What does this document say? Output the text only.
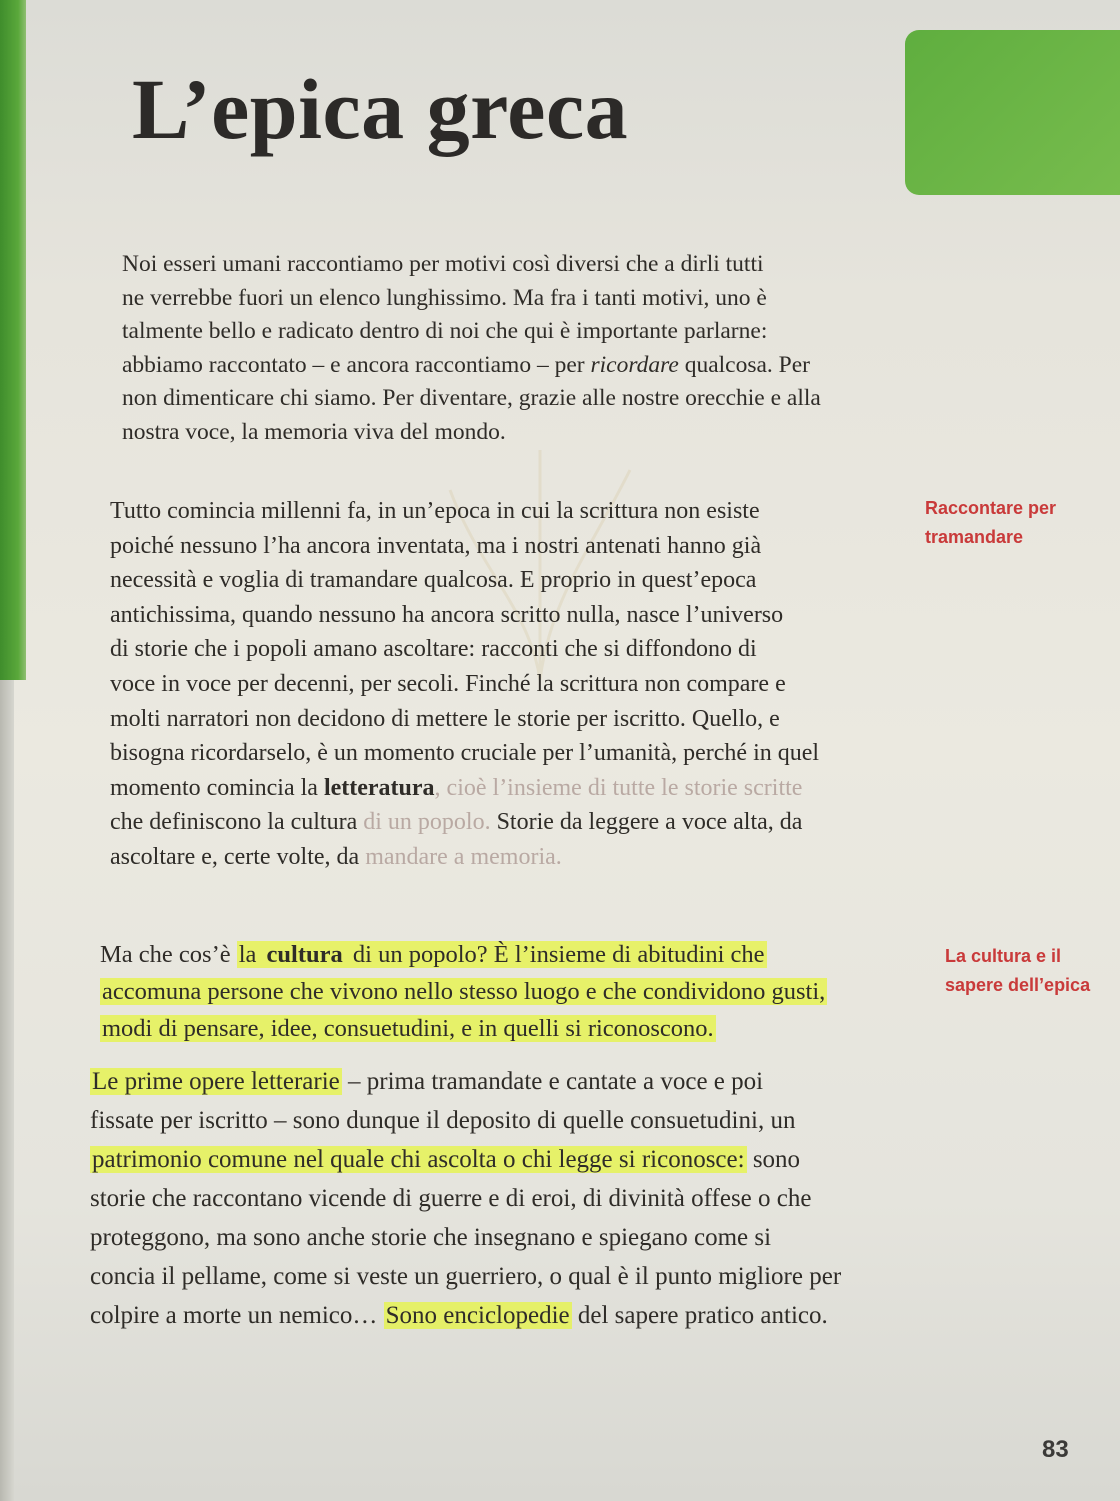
L’epica greca

Noi esseri umani raccontiamo per motivi così diversi che a dirli tutti
ne verrebbe fuori un elenco lunghissimo. Ma fra i tanti motivi, uno è
talmente bello e radicato dentro di noi che qui è importante parlarne:
abbiamo raccontato – e ancora raccontiamo – per ricordare qualcosa. Per
non dimenticare chi siamo. Per diventare, grazie alle nostre orecchie e alla
nostra voce, la memoria viva del mondo.

Tutto comincia millenni fa, in un’epoca in cui la scrittura non esiste
poiché nessuno l’ha ancora inventata, ma i nostri antenati hanno già
necessità e voglia di tramandare qualcosa. E proprio in quest’epoca
antichissima, quando nessuno ha ancora scritto nulla, nasce l’universo
di storie che i popoli amano ascoltare: racconti che si diffondono di
voce in voce per decenni, per secoli. Finché la scrittura non compare e
molti narratori non decidono di mettere le storie per iscritto. Quello, e
bisogna ricordarselo, è un momento cruciale per l’umanità, perché in quel
momento comincia la letteratura, cioè l’insieme di tutte le storie scritte
che definiscono la cultura di un popolo. Storie da leggere a voce alta, da
ascoltare e, certe volte, da mandare a memoria.

Ma che cos’è la cultura di un popolo? È l’insieme di abitudini che
accomuna persone che vivono nello stesso luogo e che condividono gusti,
modi di pensare, idee, consuetudini, e in quelli si riconoscono.

Le prime opere letterarie – prima tramandate e cantate a voce e poi
fissate per iscritto – sono dunque il deposito di quelle consuetudini, un
patrimonio comune nel quale chi ascolta o chi legge si riconosce: sono
storie che raccontano vicende di guerre e di eroi, di divinità offese o che
proteggono, ma sono anche storie che insegnano e spiegano come si
concia il pellame, come si veste un guerriero, o qual è il punto migliore per
colpire a morte un nemico… Sono enciclopedie del sapere pratico antico.

Raccontare per
tramandare

La cultura e il
sapere dell’epica

83
